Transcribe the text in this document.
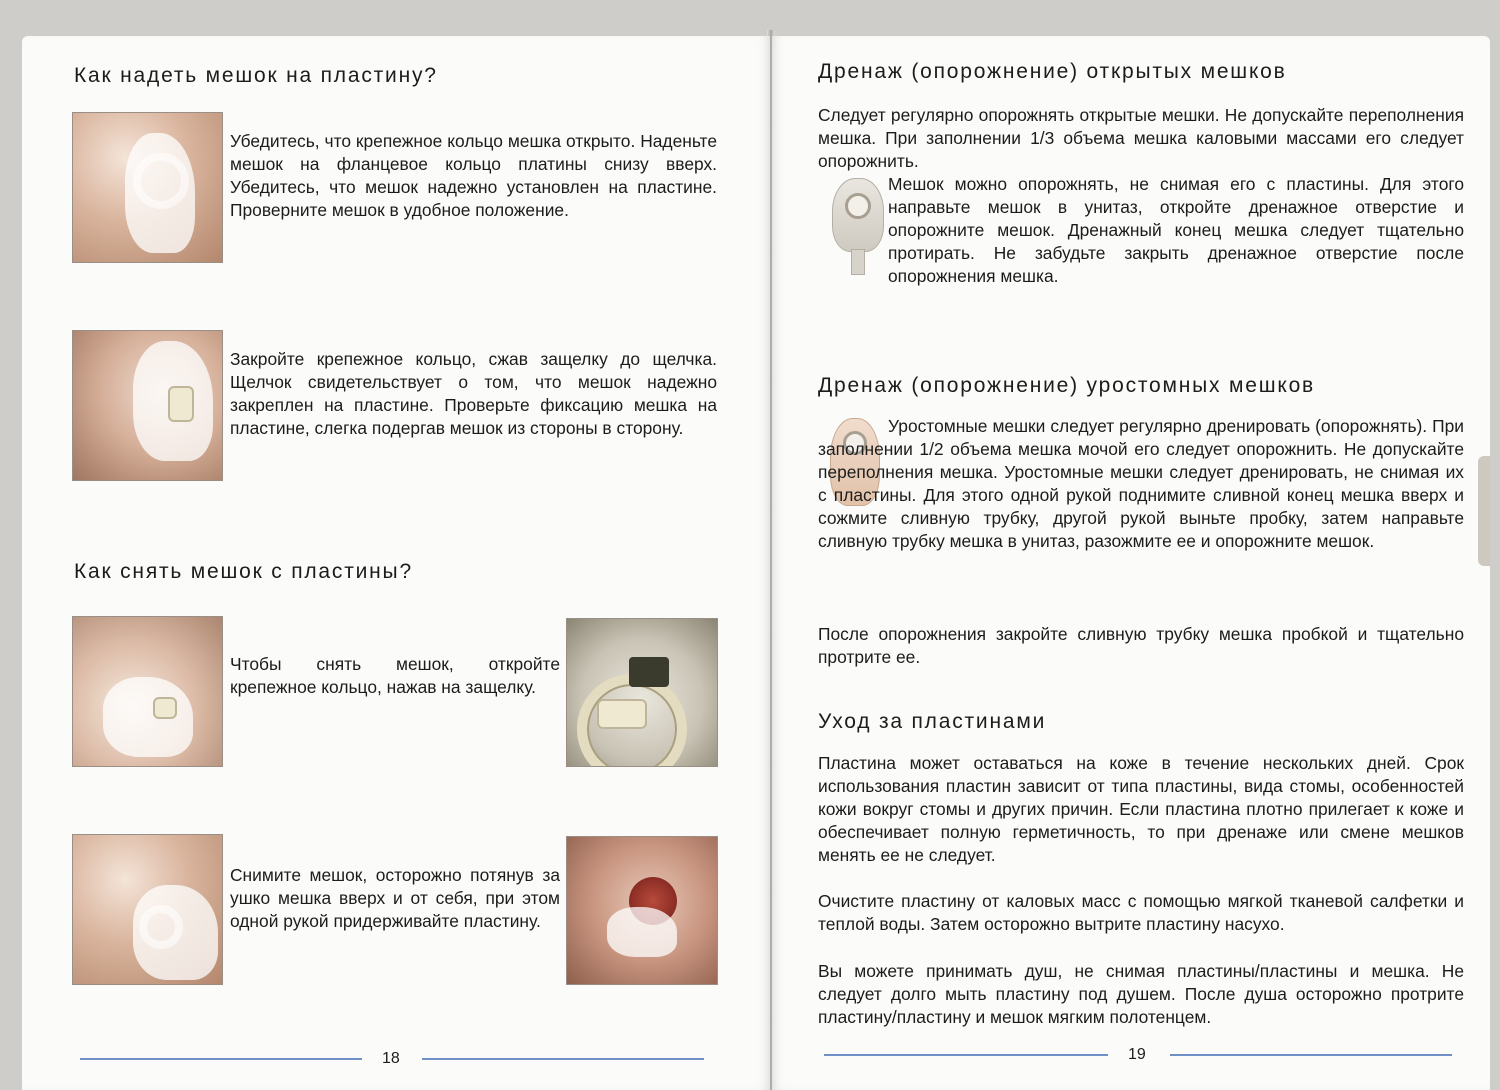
Как надеть мешок на пластину?
Убедитесь, что крепежное кольцо мешка открыто. Наденьте мешок на фланцевое кольцо платины снизу вверх. Убедитесь, что мешок надежно установлен на пластине. Проверните мешок в удобное положение.
Закройте крепежное кольцо, сжав защелку до щелчка. Щелчок свидетельствует о том, что мешок надежно закреплен на пластине. Проверьте фиксацию мешка на пластине, слегка подергав мешок из стороны в сторону.
Как снять мешок с пластины?
Чтобы снять мешок, откройте крепежное кольцо, нажав на защелку.
Снимите мешок, осторожно потянув за ушко мешка вверх и от себя, при этом одной рукой придерживайте пластину.
18
Дренаж (опорожнение) открытых мешков
Следует регулярно опорожнять открытые мешки. Не допускайте переполнения мешка. При заполнении 1/3 объема мешка каловыми массами его следует опорожнить.
Мешок можно опорожнять, не снимая его с пластины. Для этого направьте мешок в унитаз, откройте дренажное отверстие и опорожните мешок. Дренажный конец мешка следует тщательно протирать. Не забудьте закрыть дренажное отверстие после опорожнения мешка.
Дренаж (опорожнение) уростомных мешков
Уростомные мешки следует регулярно дренировать (опорожнять). При заполнении 1/2 объема мешка мочой его следует опорожнить. Не допускайте переполнения мешка. Уростомные мешки следует дренировать, не снимая их с пластины. Для этого одной рукой поднимите сливной конец мешка вверх и сожмите сливную трубку, другой рукой выньте пробку, затем направьте сливную трубку мешка в унитаз, разожмите ее и опорожните мешок.
После опорожнения закройте сливную трубку мешка пробкой и тщательно протрите ее.
Уход за пластинами
Пластина может оставаться на коже в течение нескольких дней. Срок использования пластин зависит от типа пластины, вида стомы, особенностей кожи вокруг стомы и других причин. Если пластина плотно прилегает к коже и обеспечивает полную герметичность, то при дренаже или смене мешков менять ее не следует.
Очистите пластину от каловых масс с помощью мягкой тканевой салфетки и теплой воды. Затем осторожно вытрите пластину насухо.
Вы можете принимать душ, не снимая пластины/пластины и мешка. Не следует долго мыть пластину под душем. После душа осторожно протрите пластину/пластину и мешок мягким полотенцем.
19
